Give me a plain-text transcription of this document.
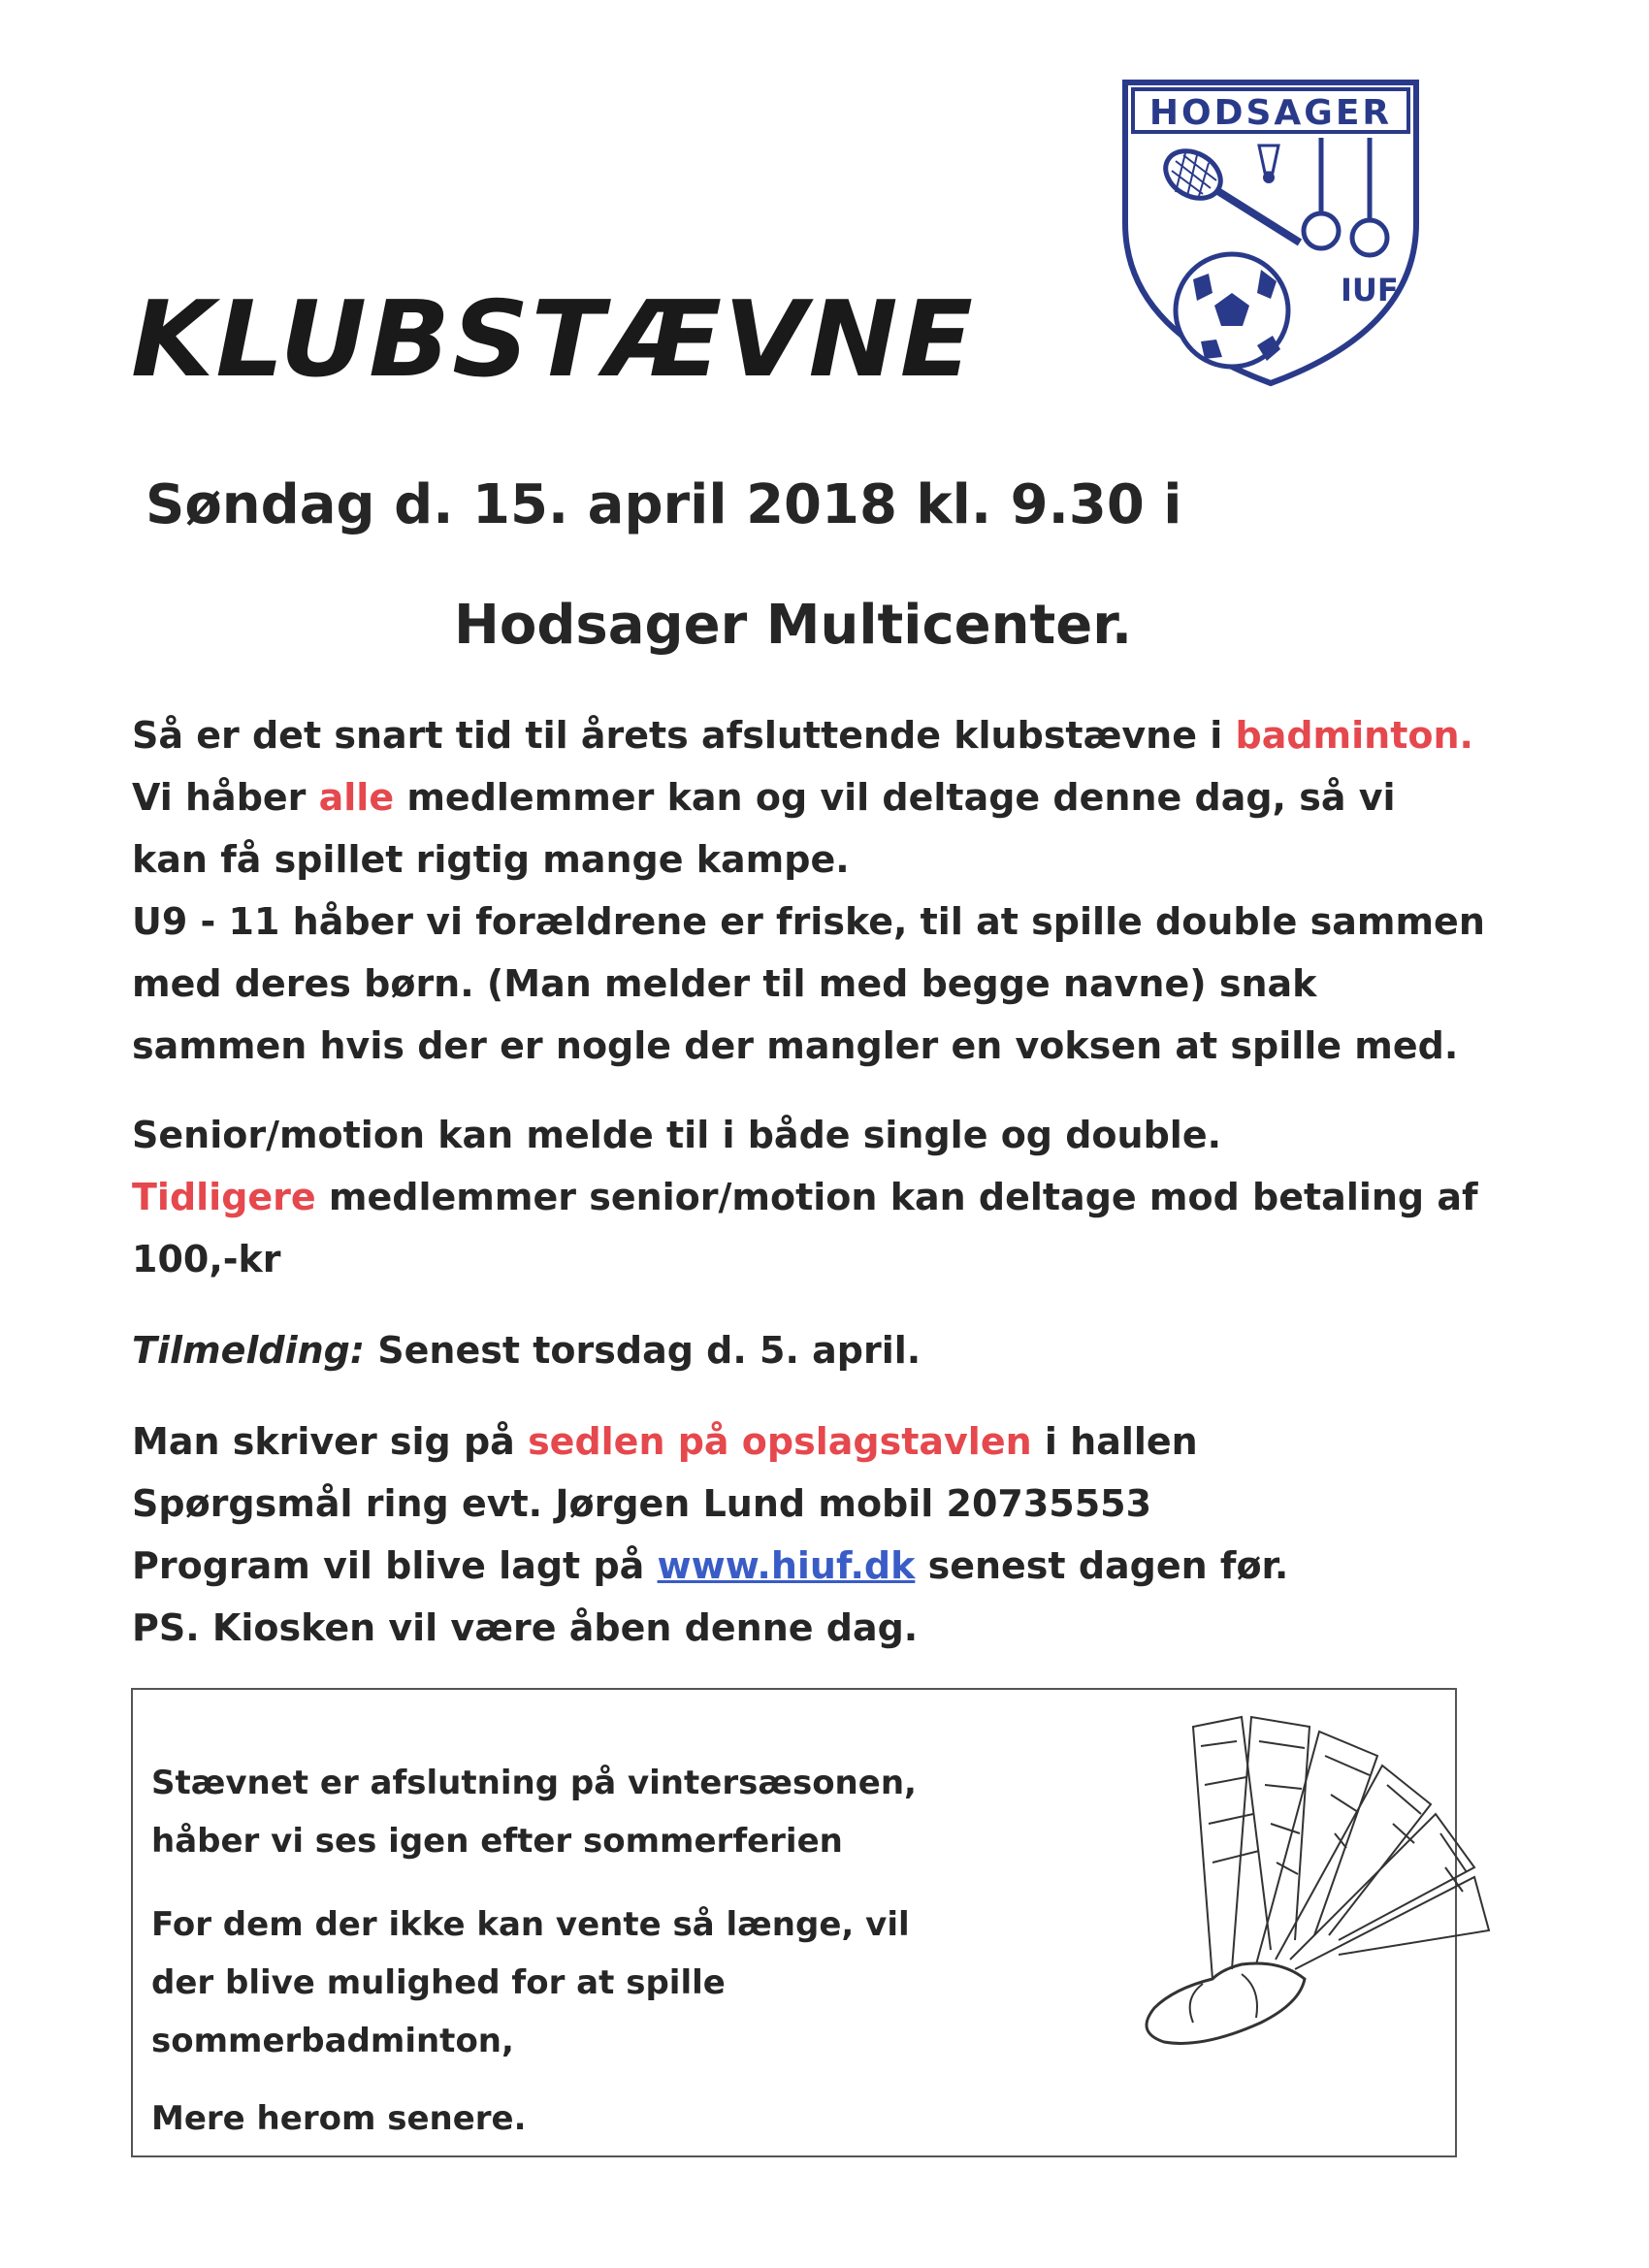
HODSAGER
IUF
KLUBSTÆVNE

Søndag d. 15. april 2018 kl. 9.30 i

Hodsager Multicenter.

Så er det snart tid til årets afsluttende klubstævne i badminton.

Vi håber alle medlemmer kan og vil deltage denne dag, så vi

kan få spillet rigtig mange kampe.

U9 - 11 håber vi forældrene er friske, til at spille double sammen

med deres børn. (Man melder til med begge navne) snak

sammen hvis der er nogle der mangler en voksen at spille med.

Senior/motion kan melde til i både single og double.

Tidligere medlemmer senior/motion kan deltage mod betaling af

100,-kr

Tilmelding: Senest torsdag d. 5. april.

Man skriver sig på sedlen på opslagstavlen i hallen

Spørgsmål ring evt. Jørgen Lund mobil 20735553

Program vil blive lagt på www.hiuf.dk senest dagen før.

PS. Kiosken vil være åben denne dag.

Stævnet er afslutning på vintersæsonen,

håber vi ses igen efter sommerferien

For dem der ikke kan vente så længe, vil

der blive mulighed for at spille

sommerbadminton,

Mere herom senere.
